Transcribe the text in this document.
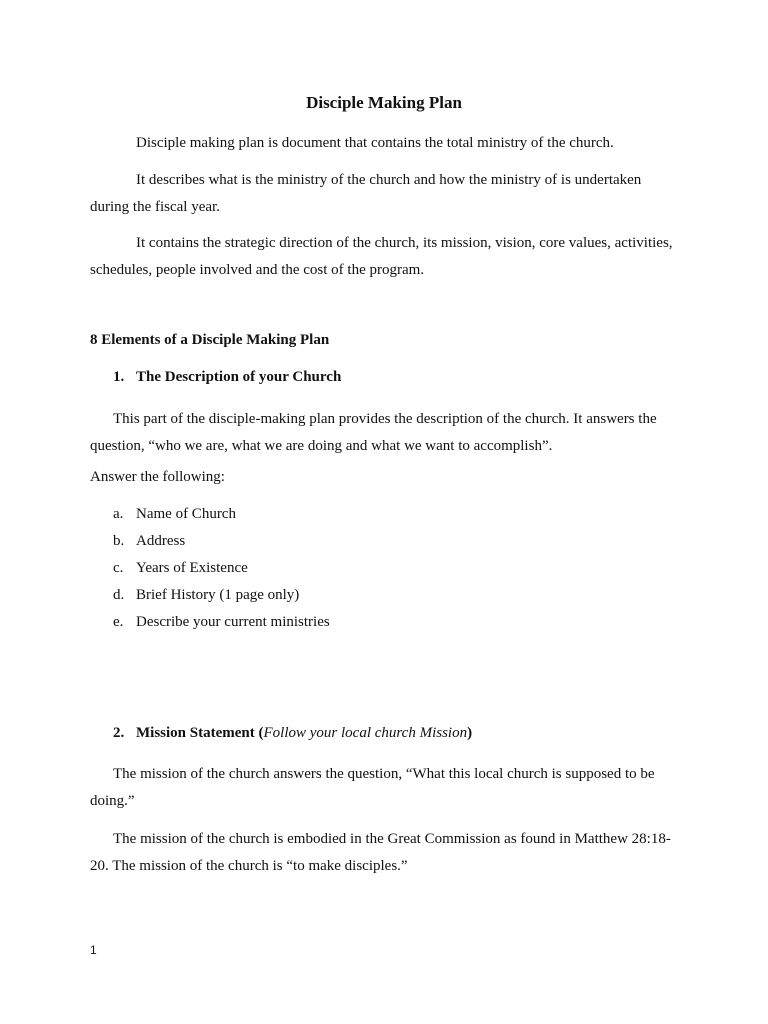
Disciple Making Plan

Disciple making plan is document that contains the total ministry of the church.

It describes what is the ministry of the church and how the ministry of is undertaken during the fiscal year.

It contains the strategic direction of the church, its mission, vision, core values, activities, schedules, people involved and the cost of the program.

8 Elements of a Disciple Making Plan

1. The Description of your Church

This part of the disciple-making plan provides the description of the church. It answers the question, “who we are, what we are doing and what we want to accomplish”.

Answer the following:

a. Name of Church
b. Address
c. Years of Existence
d. Brief History (1 page only)
e. Describe your current ministries
2. Mission Statement (Follow your local church Mission)

The mission of the church answers the question, “What this local church is supposed to be doing.”

The mission of the church is embodied in the Great Commission as found in Matthew 28:18-20. The mission of the church is “to make disciples.”

1
